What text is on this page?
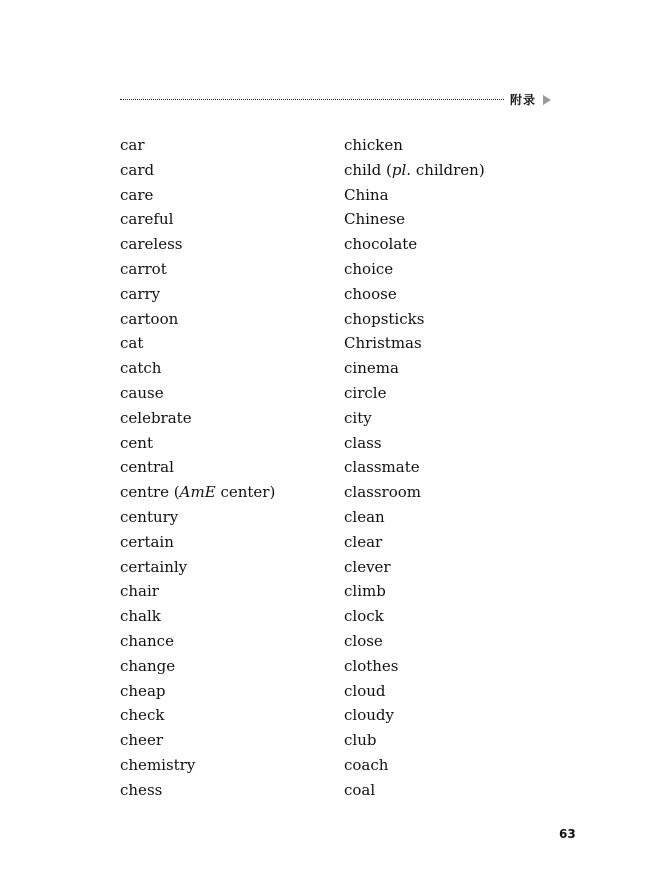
附录
car
card
care
careful
careless
carrot
carry
cartoon
cat
catch
cause
celebrate
cent
central
centre (AmE center)
century
certain
certainly
chair
chalk
chance
change
cheap
check
cheer
chemistry
chess
chicken
child (pl. children)
China
Chinese
chocolate
choice
choose
chopsticks
Christmas
cinema
circle
city
class
classmate
classroom
clean
clear
clever
climb
clock
close
clothes
cloud
cloudy
club
coach
coal
63
